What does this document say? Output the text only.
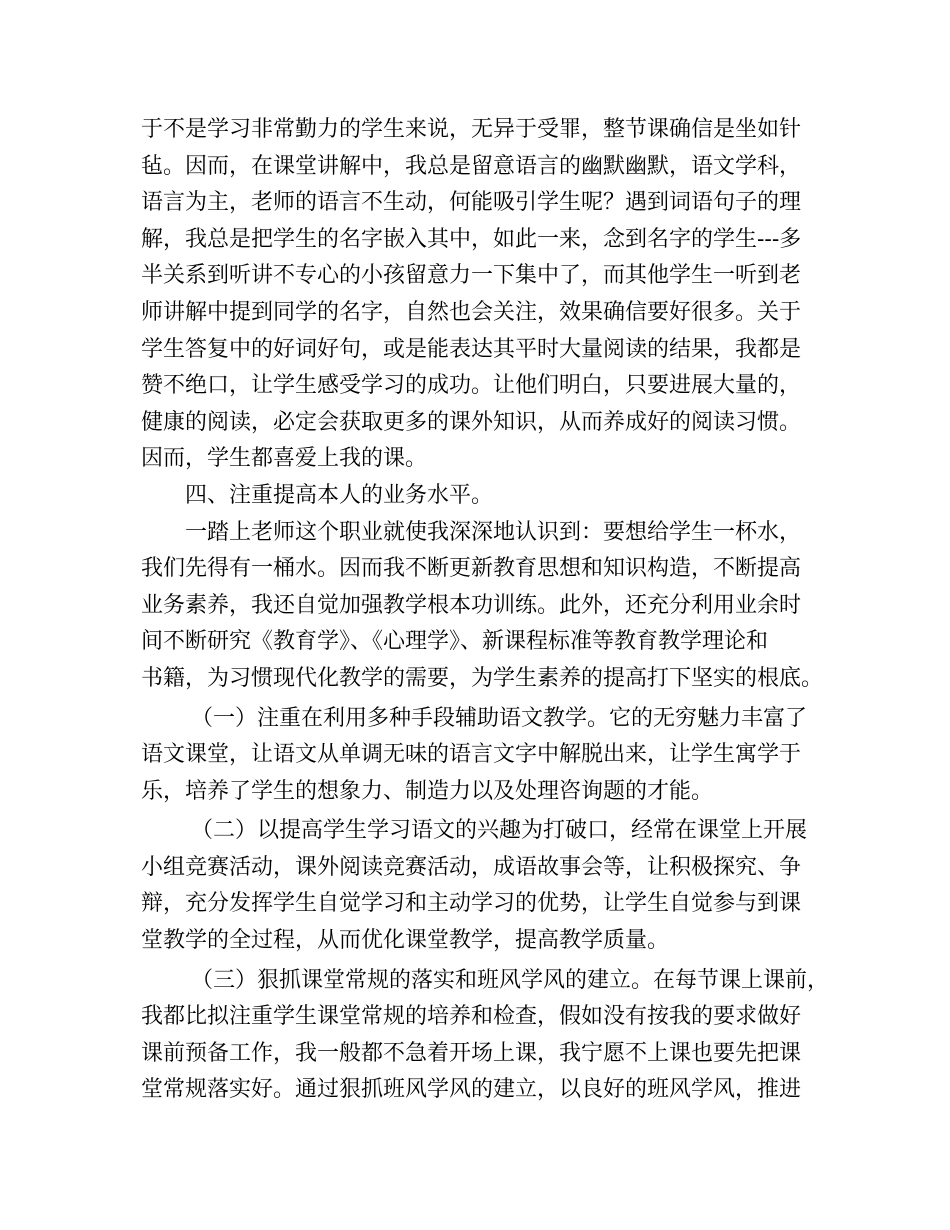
于不是学习非常勤力的学生来说，无异于受罪，整节课确信是坐如针
毡。因而，在课堂讲解中，我总是留意语言的幽默幽默，语文学科，
语言为主，老师的语言不生动，何能吸引学生呢？遇到词语句子的理
解，我总是把学生的名字嵌入其中，如此一来，念到名字的学生---多
半关系到听讲不专心的小孩留意力一下集中了，而其他学生一听到老
师讲解中提到同学的名字，自然也会关注，效果确信要好很多。关于
学生答复中的好词好句，或是能表达其平时大量阅读的结果，我都是
赞不绝口，让学生感受学习的成功。让他们明白，只要进展大量的，
健康的阅读，必定会获取更多的课外知识，从而养成好的阅读习惯。
因而，学生都喜爱上我的课。
四、注重提高本人的业务水平。
一踏上老师这个职业就使我深深地认识到：要想给学生一杯水，
我们先得有一桶水。因而我不断更新教育思想和知识构造，不断提高
业务素养，我还自觉加强教学根本功训练。此外，还充分利用业余时
间不断研究《教育学》、《心理学》、新课程标准等教育教学理论和
书籍，为习惯现代化教学的需要，为学生素养的提高打下坚实的根底。
（一）注重在利用多种手段辅助语文教学。它的无穷魅力丰富了
语文课堂，让语文从单调无味的语言文字中解脱出来，让学生寓学于
乐，培养了学生的想象力、制造力以及处理咨询题的才能。
（二）以提高学生学习语文的兴趣为打破口，经常在课堂上开展
小组竞赛活动，课外阅读竞赛活动，成语故事会等，让积极探究、争
辩，充分发挥学生自觉学习和主动学习的优势，让学生自觉参与到课
堂教学的全过程，从而优化课堂教学，提高教学质量。
（三）狠抓课堂常规的落实和班风学风的建立。在每节课上课前，
我都比拟注重学生课堂常规的培养和检查，假如没有按我的要求做好
课前预备工作，我一般都不急着开场上课，我宁愿不上课也要先把课
堂常规落实好。通过狠抓班风学风的建立，以良好的班风学风，推进
